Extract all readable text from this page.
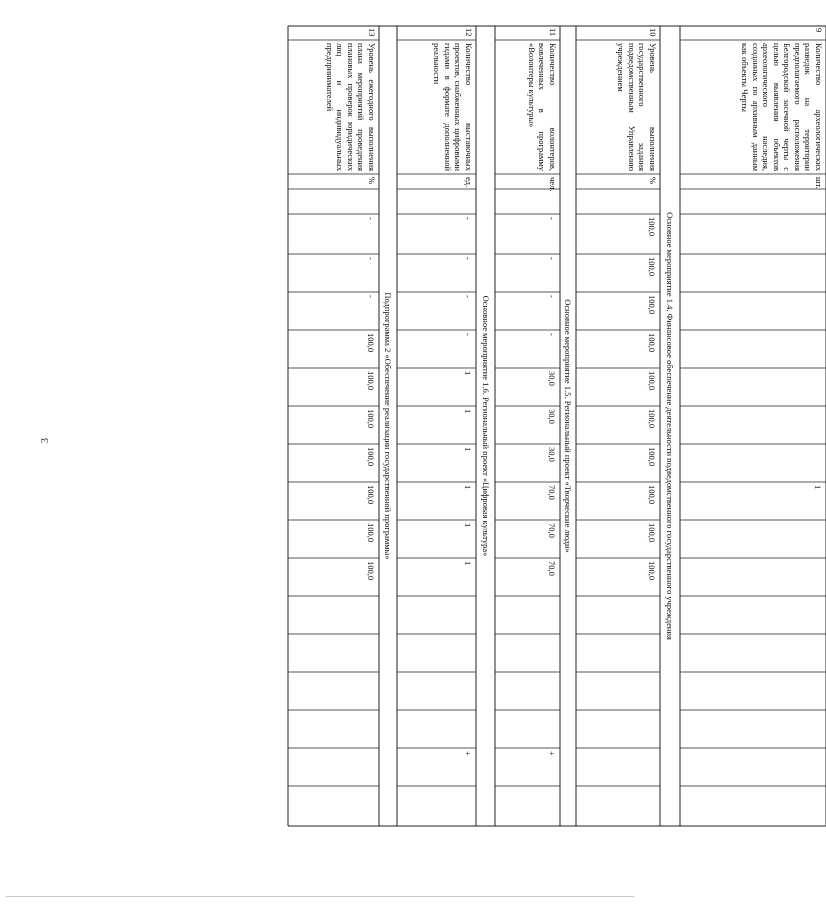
3
9
Количество археологических разведок на территории предполагаемого расположения Белгородской засечной черты с целью выявления объектов археологического наследия, созданных по архивным данным как объекты Черты
шт.
1
10
Уровень выполнения государственного задания подведомственным Управлению учреждением
%
100,0
100,0
100,0
100,0
100,0
100,0
100,0
100,0
100,0
100,0
11
Количество волонтеров, вовлеченных в программу «Волонтеры культуры»
чел.
-
-
-
-
30,0
30,0
30,0
70,0
70,0
70,0
+
12
Количество выставочных проектов, снабженных цифровыми гидами в формате дополненной реальности
ед.
-
-
-
-
1
1
1
1
1
1
+
13
Уровень ежегодного выполнения плана мероприятий проведения плановых проверок юридических лиц и индивидуальных предпринимателей
%
-
-
-
100,0
100,0
100,0
100,0
100,0
100,0
100,0	Основное мероприятие 1.4. Финансовое обеспечение деятельности подведомственного государственного учреждения
Основное мероприятие 1.5. Региональный проект «Творческие люди»
Основное мероприятие 1.6. Региональный проект «Цифровая культура»
Подпрограмма 2 «Обеспечение реализации государственной программы»
